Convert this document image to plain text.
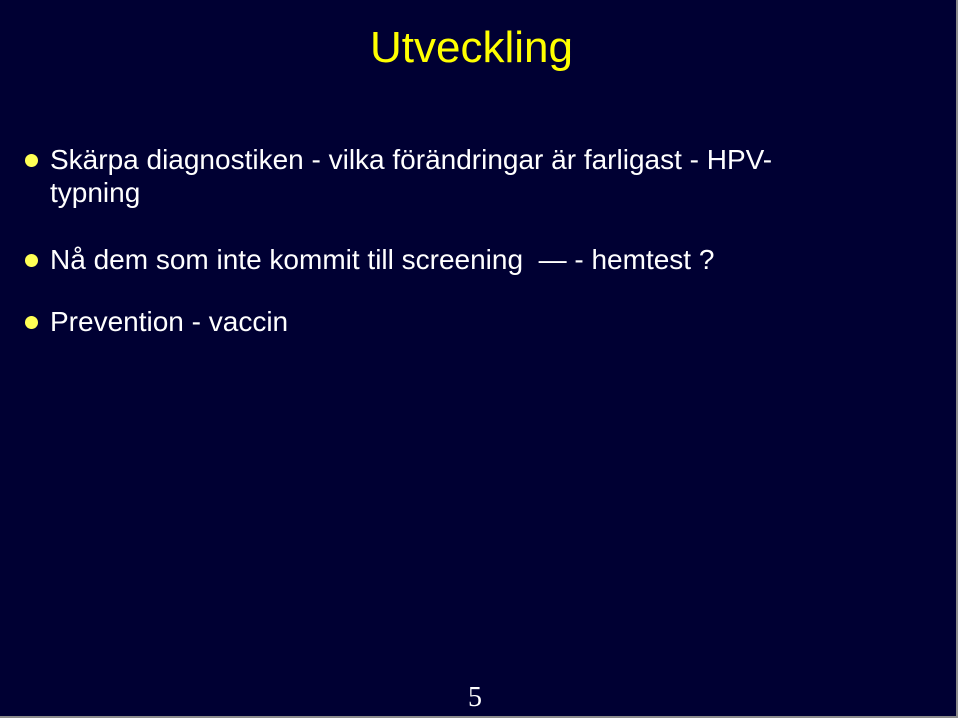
Utveckling
Skärpa diagnostiken - vilka förändringar är farligast - HPV-
typning
Nå dem som inte kommit till screening  — - hemtest ?
Prevention - vaccin
5
